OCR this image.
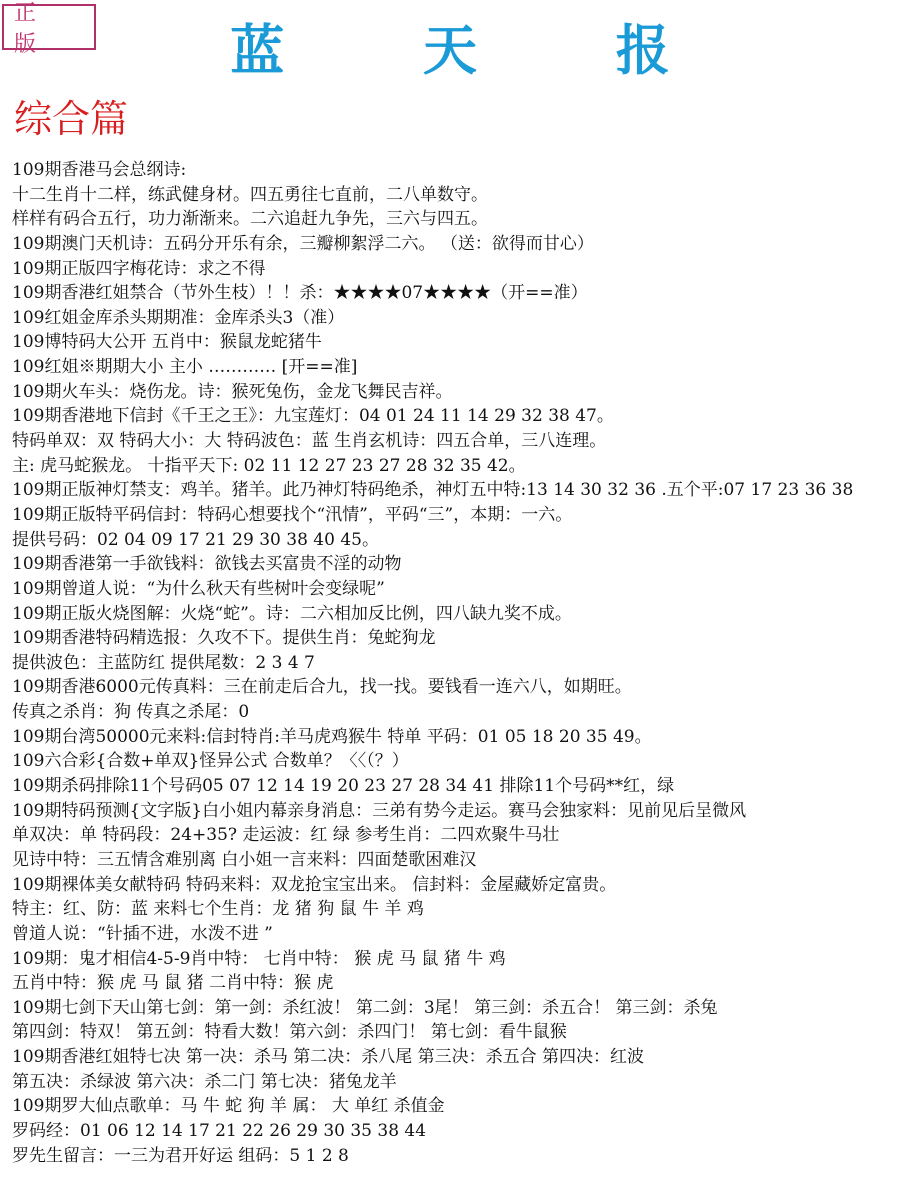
正 版	蓝 天 报
综合篇
109期香港马会总纲诗:
十二生肖十二样，练武健身材。四五勇往七直前，二八单数守。
样样有码合五行，功力渐渐来。二六追赶九争先，三六与四五。
109期澳门天机诗：五码分开乐有余，三瓣柳絮浮二六。 （送：欲得而甘心）
109期正版四字梅花诗：求之不得
109期香港红姐禁合（节外生枝）！！杀：★★★★07★★★★（开==准）
109红姐金库杀头期期准：金库杀头3（准）
109博特码大公开 五肖中：猴鼠龙蛇猪牛
109红姐※期期大小 主小 ………… [开==准]
109期火车头：烧伤龙。诗：猴死兔伤，金龙飞舞民吉祥。
109期香港地下信封《千王之王》：九宝莲灯：04 01 24 11 14 29 32 38 47。
特码单双：双 特码大小：大 特码波色：蓝 生肖玄机诗：四五合单，三八连理。
主: 虎马蛇猴龙。 十指平天下: 02 11 12 27 23 27 28 32 35 42。
109期正版神灯禁支：鸡羊。猪羊。此乃神灯特码绝杀，神灯五中特:13 14 30 32 36 .五个平:07 17 23 36 38
109期正版特平码信封：特码心想要找个“汛情”，平码“三”，本期：一六。
提供号码：02 04 09 17 21 29 30 38 40 45。
109期香港第一手欲钱料：欲钱去买富贵不淫的动物
109期曾道人说：“为什么秋天有些树叶会变绿呢”
109期正版火烧图解：火烧“蛇”。诗：二六相加反比例，四八缺九奖不成。
109期香港特码精选报：久攻不下。提供生肖：兔蛇狗龙
提供波色：主蓝防红 提供尾数：2 3 4 7
109期香港6000元传真料：三在前走后合九，找一找。要钱看一连六八，如期旺。
传真之杀肖：狗 传真之杀尾：0
109期台湾50000元来料:信封特肖:羊马虎鸡猴牛 特单 平码：01 05 18 20 35 49。
109六合彩{合数+单双}怪异公式 合数单？〈〈（？）
109期杀码排除11个号码05 07 12 14 19 20 23 27 28 34 41 排除11个号码**红，绿
109期特码预测{文字版}白小姐内幕亲身消息：三弟有势今走运。赛马会独家料：见前见后呈微风
单双决：单 特码段：24+35? 走运波：红 绿 参考生肖：二四欢聚牛马壮
见诗中特：三五情含难别离 白小姐一言来料：四面楚歌困难汉
109期裸体美女献特码 特码来料：双龙抢宝宝出来。 信封料：金屋藏娇定富贵。
特主：红、防：蓝 来料七个生肖：龙 猪 狗 鼠 牛 羊 鸡
曾道人说：“针插不进，水泼不进 ”
109期：鬼才相信4-5-9肖中特： 七肖中特： 猴 虎 马 鼠 猪 牛 鸡
五肖中特：猴 虎 马 鼠 猪 二肖中特：猴 虎
109期七剑下天山第七剑：第一剑：杀红波！ 第二剑：3尾！ 第三剑：杀五合！ 第三剑：杀兔
第四剑：特双！ 第五剑：特看大数！第六剑：杀四门！ 第七剑：看牛鼠猴
109期香港红姐特七决 第一决：杀马 第二决：杀八尾 第三决：杀五合 第四决：红波
第五决：杀绿波 第六决：杀二门 第七决：猪兔龙羊
109期罗大仙点歌单：马 牛 蛇 狗 羊 属： 大 单红 杀值金
罗码经：01 06 12 14 17 21 22 26 29 30 35 38 44
罗先生留言：一三为君开好运 组码：5 1 2 8
